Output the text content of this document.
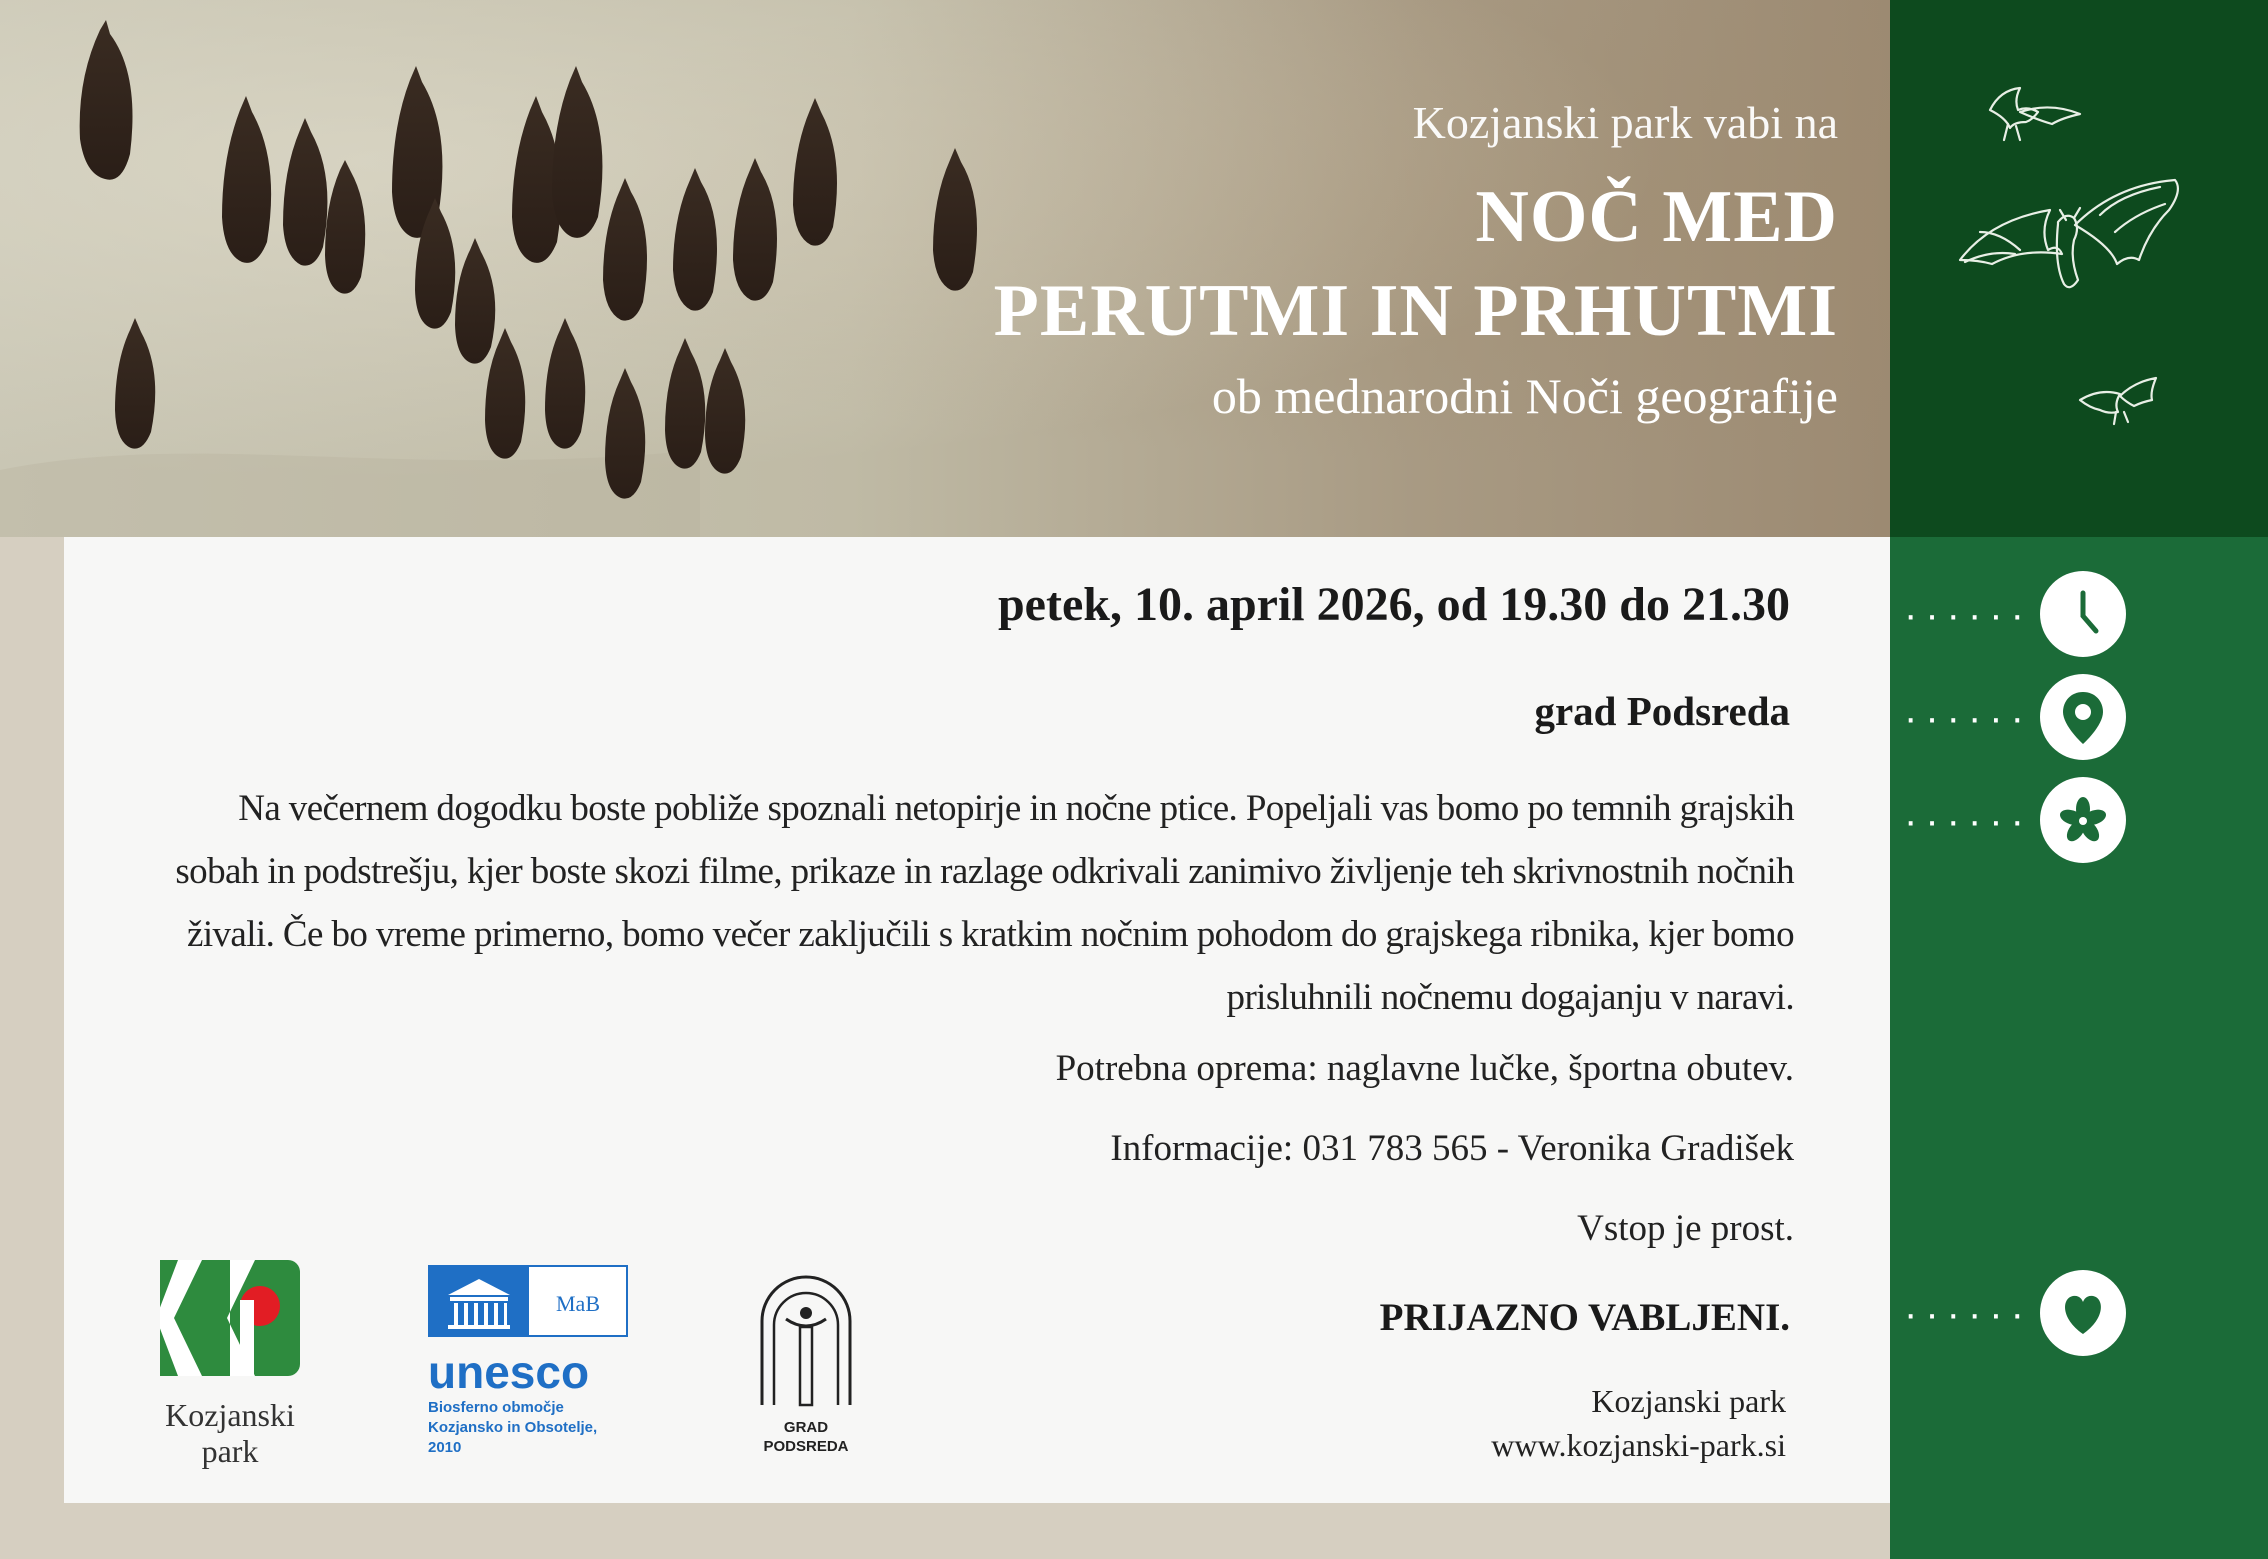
Kozjanski park vabi na
NOČ MED
PERUTMI IN PRHUTMI
ob mednarodni Noči geografije
petek, 10. april 2026, od 19.30 do 21.30
grad Podsreda
Na večernem dogodku boste pobliže spoznali netopirje in nočne ptice. Popeljali vas bomo po temnih grajskih sobah in podstrešju, kjer boste skozi filme, prikaze in razlage odkrivali zanimivo življenje teh skrivnostnih nočnih živali. Če bo vreme primerno, bomo večer zaključili s kratkim nočnim pohodom do grajskega ribnika, kjer bomo prisluhnili nočnemu dogajanju v naravi.
Potrebna oprema: naglavne lučke, športna obutev.
Informacije: 031 783 565 - Veronika Gradišek
Vstop je prost.
PRIJAZNO VABLJENI.
Kozjanski park
www.kozjanski-park.si
Kozjanski
park
MaB
unesco
Biosferno območje
Kozjansko in Obsotelje,
2010
GRAD
PODSREDA
······
······
······
······
